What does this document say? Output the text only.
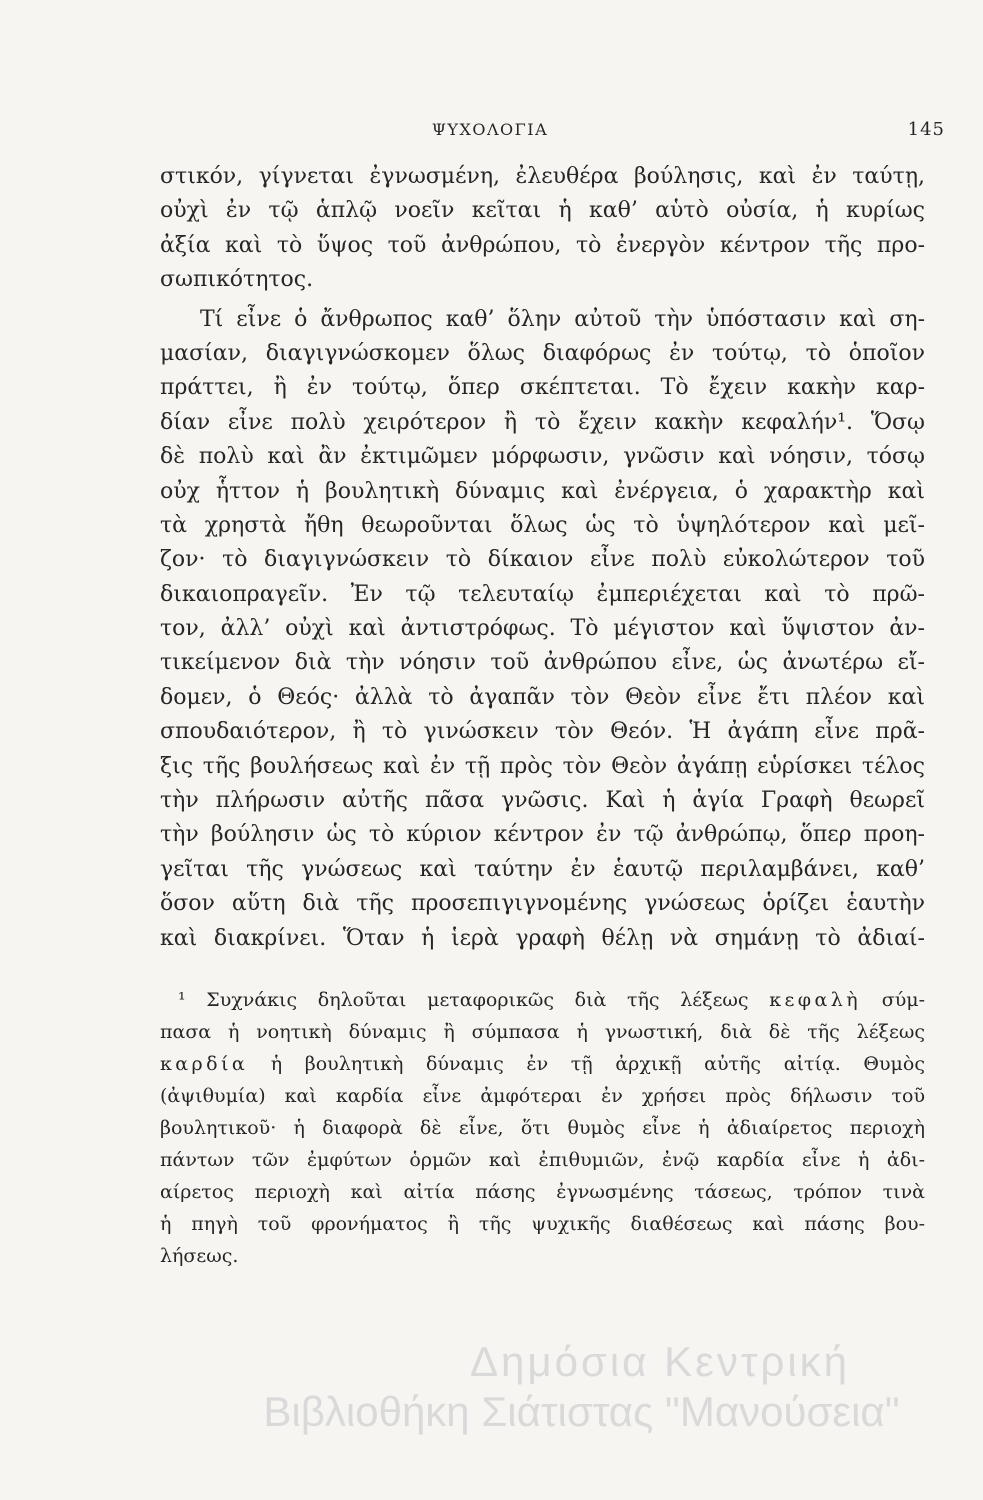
ΨΥΧΟΛΟΓΙΑ	145
στικόν, γίγνεται ἐγνωσμένη, ἐλευθέρα βούλησις, καὶ ἐν ταύτῃ,
οὐχὶ ἐν τῷ ἁπλῷ νοεῖν κεῖται ἡ καθ’ αὑτὸ οὐσία, ἡ κυρίως
ἀξία καὶ τὸ ὕψος τοῦ ἀνθρώπου, τὸ ἐνεργὸν κέντρον τῆς προ-
σωπικότητος.
Τί εἶνε ὁ ἄνθρωπος καθ’ ὅλην αὐτοῦ τὴν ὑπόστασιν καὶ ση-
μασίαν, διαγιγνώσκομεν ὅλως διαφόρως ἐν τούτῳ, τὸ ὁποῖον
πράττει, ἢ ἐν τούτῳ, ὅπερ σκέπτεται. Τὸ ἔχειν κακὴν καρ-
δίαν εἶνε πολὺ χειρότερον ἢ τὸ ἔχειν κακὴν κεφαλήν¹. Ὅσῳ
δὲ πολὺ καὶ ἂν ἐκτιμῶμεν μόρφωσιν, γνῶσιν καὶ νόησιν, τόσῳ
οὐχ ἧττον ἡ βουλητικὴ δύναμις καὶ ἐνέργεια, ὁ χαρακτὴρ καὶ
τὰ χρηστὰ ἤθη θεωροῦνται ὅλως ὡς τὸ ὑψηλότερον καὶ μεῖ-
ζον· τὸ διαγιγνώσκειν τὸ δίκαιον εἶνε πολὺ εὐκολώτερον τοῦ
δικαιοπραγεῖν. Ἐν τῷ τελευταίῳ ἐμπεριέχεται καὶ τὸ πρῶ-
τον, ἀλλ’ οὐχὶ καὶ ἀντιστρόφως. Τὸ μέγιστον καὶ ὕψιστον ἀν-
τικείμενον διὰ τὴν νόησιν τοῦ ἀνθρώπου εἶνε, ὡς ἀνωτέρω εἴ-
δομεν, ὁ Θεός· ἀλλὰ τὸ ἀγαπᾶν τὸν Θεὸν εἶνε ἔτι πλέον καὶ
σπουδαιότερον, ἢ τὸ γινώσκειν τὸν Θεόν. Ἡ ἀγάπη εἶνε πρᾶ-
ξις τῆς βουλήσεως καὶ ἐν τῇ πρὸς τὸν Θεὸν ἀγάπῃ εὑρίσκει τέλος
τὴν πλήρωσιν αὐτῆς πᾶσα γνῶσις. Καὶ ἡ ἁγία Γραφὴ θεωρεῖ
τὴν βούλησιν ὡς τὸ κύριον κέντρον ἐν τῷ ἀνθρώπῳ, ὅπερ προη-
γεῖται τῆς γνώσεως καὶ ταύτην ἐν ἑαυτῷ περιλαμβάνει, καθ’
ὅσον αὕτη διὰ τῆς προσεπιγιγνομένης γνώσεως ὁρίζει ἑαυτὴν
καὶ διακρίνει. Ὅταν ἡ ἱερὰ γραφὴ θέλῃ νὰ σημάνῃ τὸ ἀδιαί-
¹ Συχνάκις δηλοῦται μεταφορικῶς διὰ τῆς λέξεως κεφαλὴ σύμ-
πασα ἡ νοητικὴ δύναμις ἢ σύμπασα ἡ γνωστική, διὰ δὲ τῆς λέξεως
καρδία ἡ βουλητικὴ δύναμις ἐν τῇ ἀρχικῇ αὐτῆς αἰτίᾳ. Θυμὸς
(ἀψιθυμία) καὶ καρδία εἶνε ἀμφότεραι ἐν χρήσει πρὸς δήλωσιν τοῦ
βουλητικοῦ· ἡ διαφορὰ δὲ εἶνε, ὅτι θυμὸς εἶνε ἡ ἀδιαίρετος περιοχὴ
πάντων τῶν ἐμφύτων ὁρμῶν καὶ ἐπιθυμιῶν, ἐνῷ καρδία εἶνε ἡ ἀδι-
αίρετος περιοχὴ καὶ αἰτία πάσης ἐγνωσμένης τάσεως, τρόπον τινὰ
ἡ πηγὴ τοῦ φρονήματος ἢ τῆς ψυχικῆς διαθέσεως καὶ πάσης βου-
λήσεως.
Δημόσια Κεντρική
Βιβλιοθήκη Σιάτιστας "Μανούσεια"
